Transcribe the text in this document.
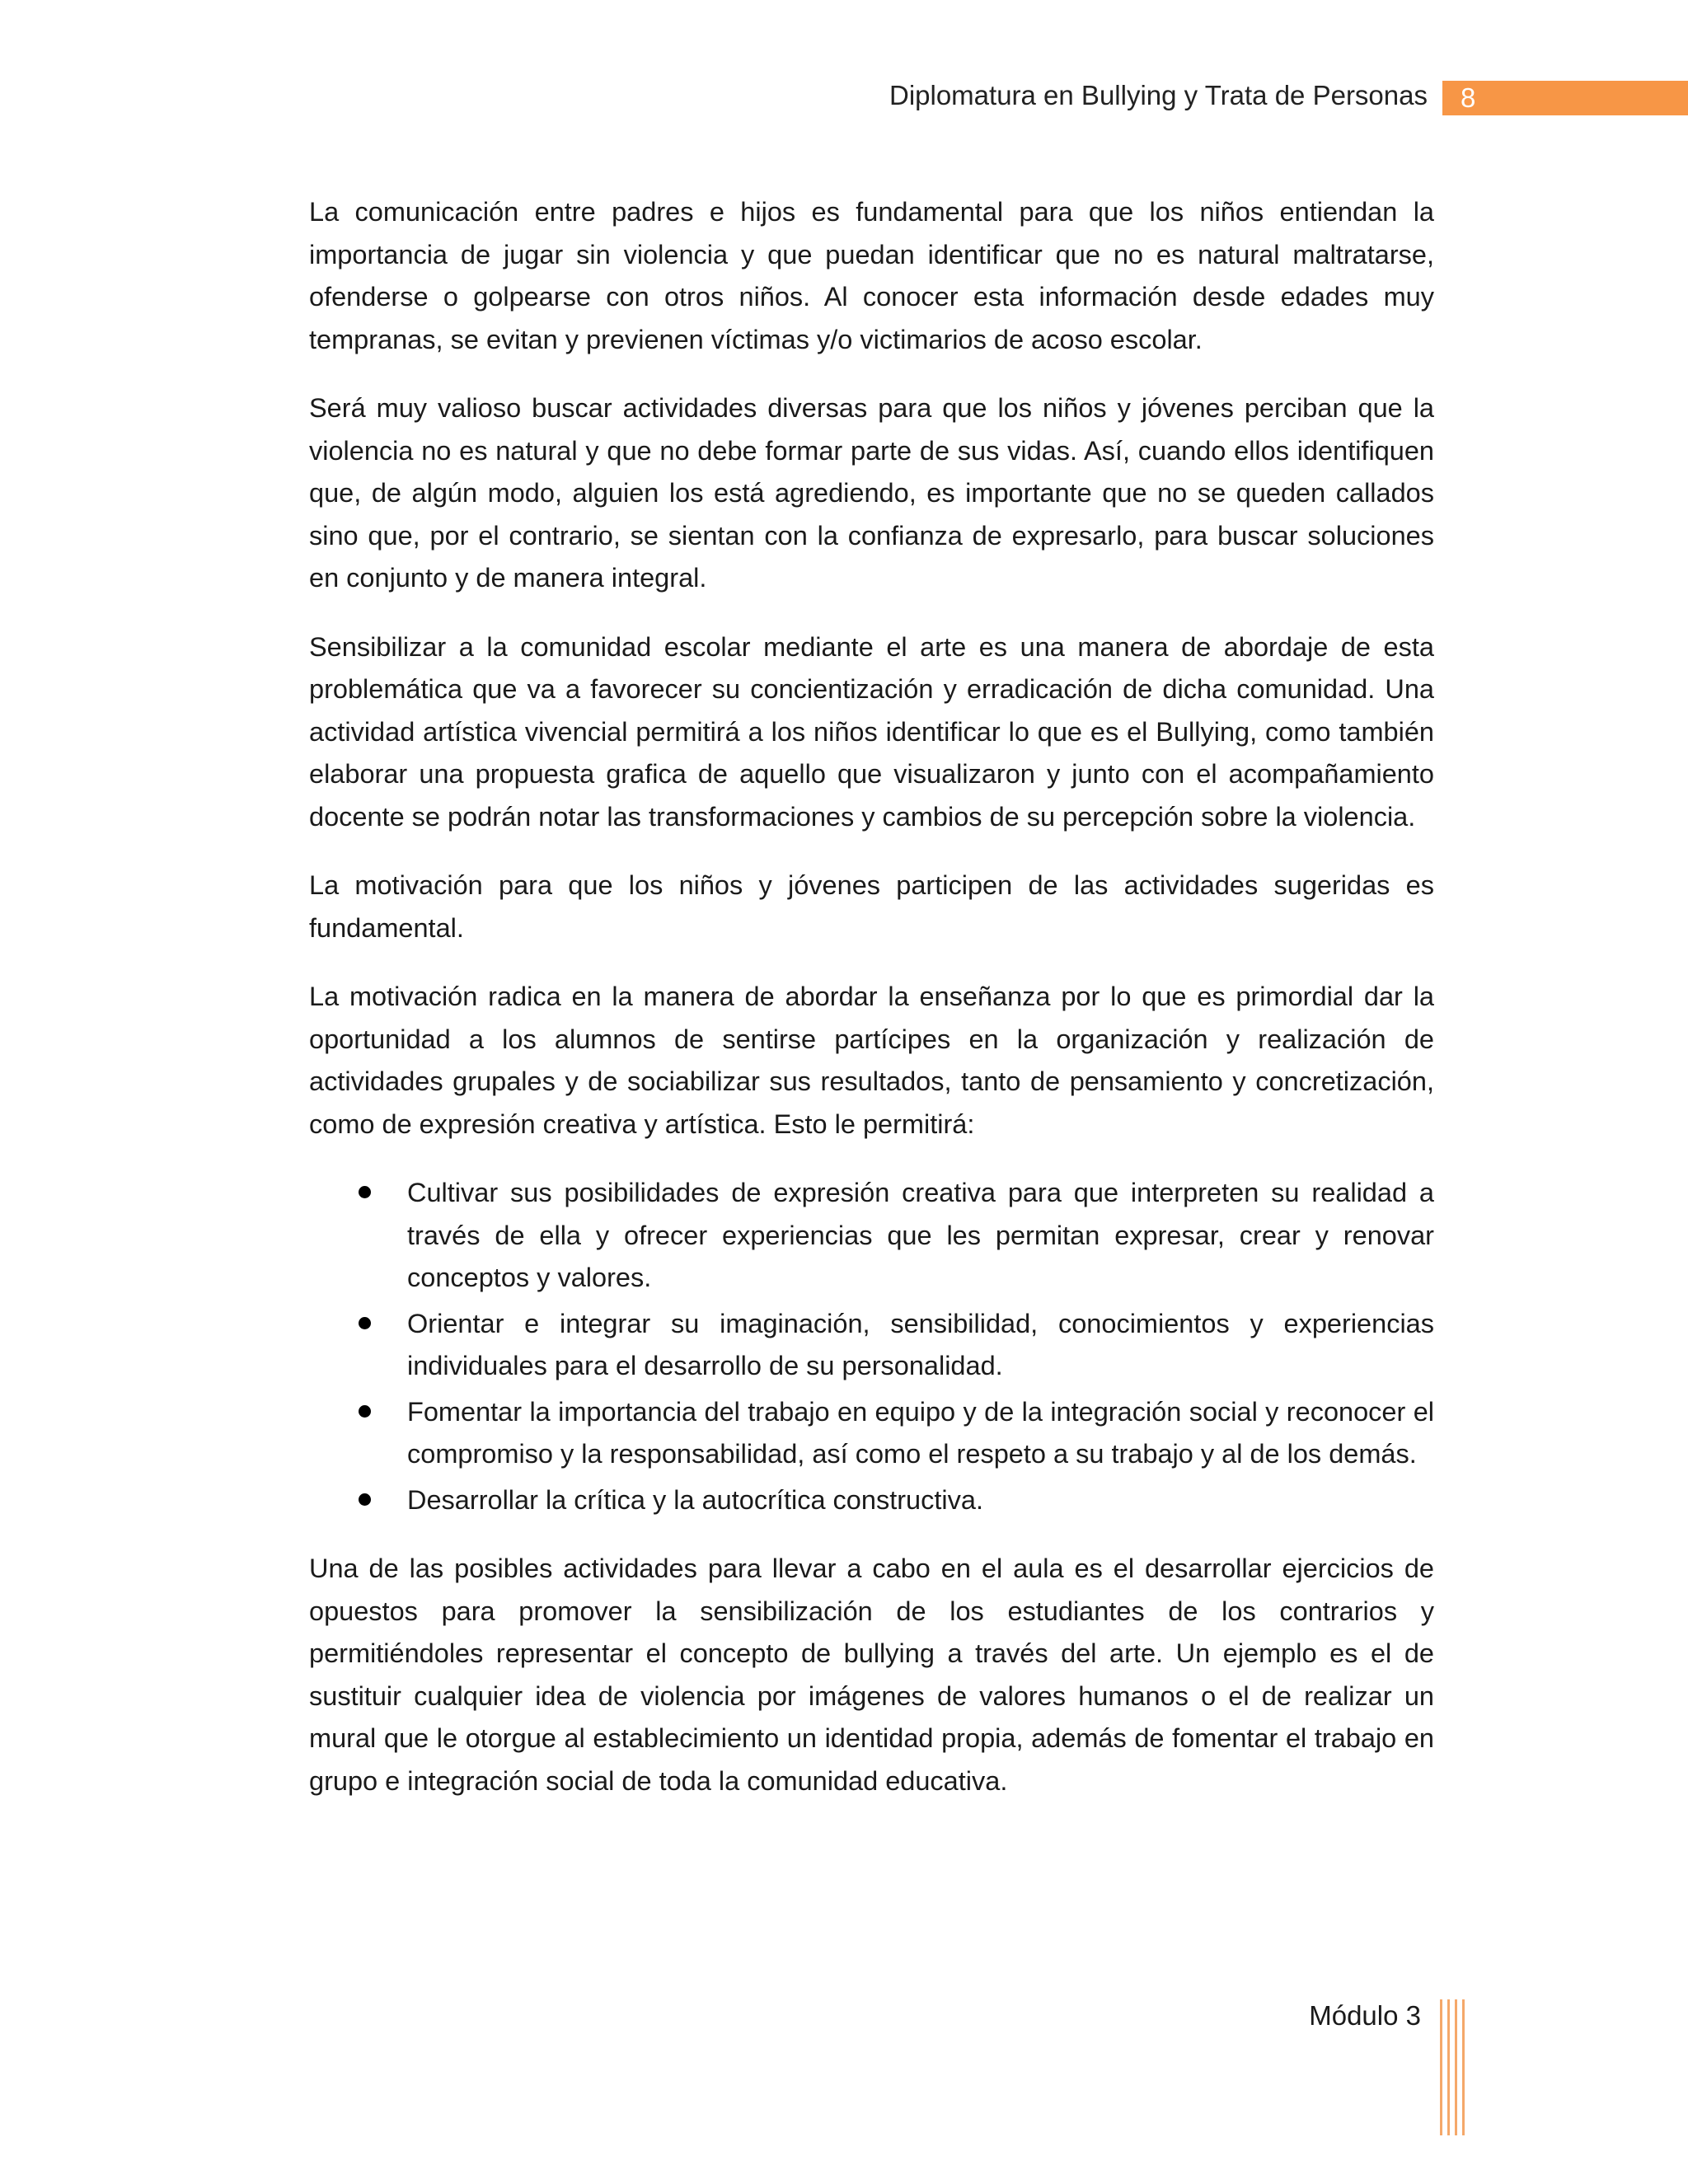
Diplomatura en Bullying y Trata de Personas 8

La comunicación entre padres e hijos es fundamental para que los niños entiendan la importancia de jugar sin violencia y que puedan identificar que no es natural maltratarse, ofenderse o golpearse con otros niños. Al conocer esta información desde edades muy tempranas, se evitan y previenen víctimas y/o victimarios de acoso escolar.

Será muy valioso buscar actividades diversas para que los niños y jóvenes perciban que la violencia no es natural y que no debe formar parte de sus vidas. Así, cuando ellos identifiquen que, de algún modo, alguien los está agrediendo, es importante que no se queden callados sino que, por el contrario, se sientan con la confianza de expresarlo, para buscar soluciones en conjunto y de manera integral.

Sensibilizar a la comunidad escolar mediante el arte es una manera de abordaje de esta problemática que va a favorecer su concientización y erradicación de dicha comunidad. Una actividad artística vivencial permitirá a los niños identificar lo que es el Bullying, como también elaborar una propuesta grafica de aquello que visualizaron y junto con el acompañamiento docente se podrán notar las transformaciones y cambios de su percepción sobre la violencia.

La motivación para que los niños y jóvenes participen de las actividades sugeridas es fundamental.

La motivación radica en la manera de abordar la enseñanza por lo que es primordial dar la oportunidad a los alumnos de sentirse partícipes en la organización y realización de actividades grupales y de sociabilizar sus resultados, tanto de pensamiento y concretización, como de expresión creativa y artística. Esto le permitirá:

Cultivar sus posibilidades de expresión creativa para que interpreten su realidad a través de ella y ofrecer experiencias que les permitan expresar, crear y renovar conceptos y valores.
Orientar e integrar su imaginación, sensibilidad, conocimientos y experiencias individuales para el desarrollo de su personalidad.
Fomentar la importancia del trabajo en equipo y de la integración social y reconocer el compromiso y la responsabilidad, así como el respeto a su trabajo y al de los demás.
Desarrollar la crítica y la autocrítica constructiva.

Una de las posibles actividades para llevar a cabo en el aula es el desarrollar ejercicios de opuestos para promover la sensibilización de los estudiantes de los contrarios y permitiéndoles representar el concepto de bullying a través del arte. Un ejemplo es el de sustituir cualquier idea de violencia por imágenes de valores humanos o el de realizar un mural que le otorgue al establecimiento un identidad propia, además de fomentar el trabajo en grupo e integración social de toda la comunidad educativa.

Módulo 3
